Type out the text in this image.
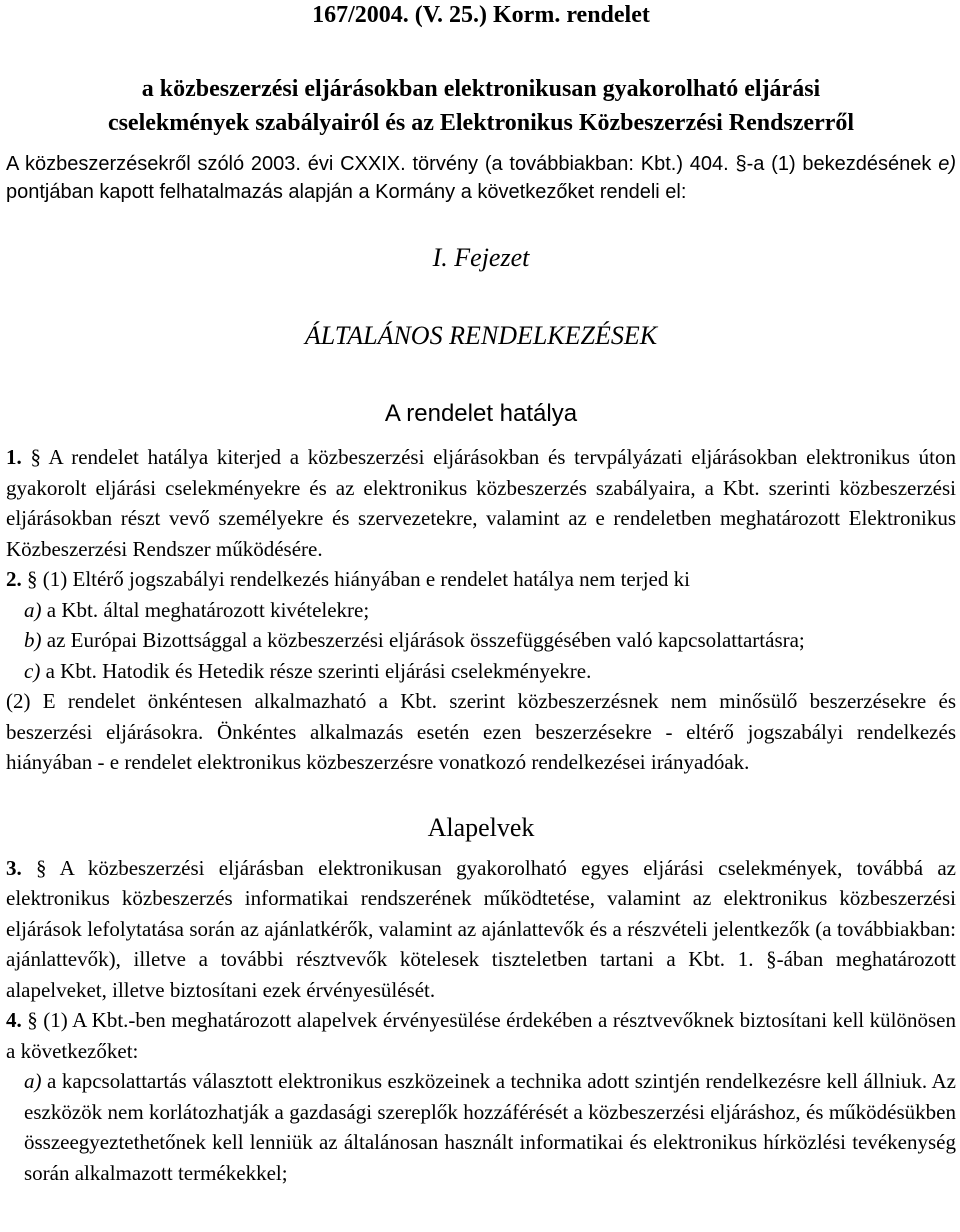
167/2004. (V. 25.) Korm. rendelet
a közbeszerzési eljárásokban elektronikusan gyakorolható eljárási
cselekmények szabályairól és az Elektronikus Közbeszerzési Rendszerről

A közbeszerzésekről szóló 2003. évi CXXIX. törvény (a továbbiakban: Kbt.) 404. §-a (1) bekezdésének e) pontjában kapott felhatalmazás alapján a Kormány a következőket rendeli el:

I. Fejezet
ÁLTALÁNOS RENDELKEZÉSEK
A rendelet hatálya

1. § A rendelet hatálya kiterjed a közbeszerzési eljárásokban és tervpályázati eljárásokban elektronikus úton gyakorolt eljárási cselekményekre és az elektronikus közbeszerzés szabályaira, a Kbt. szerinti közbeszerzési eljárásokban részt vevő személyekre és szervezetekre, valamint az e rendeletben meghatározott Elektronikus Közbeszerzési Rendszer működésére.

2. § (1) Eltérő jogszabályi rendelkezés hiányában e rendelet hatálya nem terjed ki

a) a Kbt. által meghatározott kivételekre;

b) az Európai Bizottsággal a közbeszerzési eljárások összefüggésében való kapcsolattartásra;

c) a Kbt. Hatodik és Hetedik része szerinti eljárási cselekményekre.

(2) E rendelet önkéntesen alkalmazható a Kbt. szerint közbeszerzésnek nem minősülő beszerzésekre és beszerzési eljárásokra. Önkéntes alkalmazás esetén ezen beszerzésekre - eltérő jogszabályi rendelkezés hiányában - e rendelet elektronikus közbeszerzésre vonatkozó rendelkezései irányadóak.

Alapelvek

3. § A közbeszerzési eljárásban elektronikusan gyakorolható egyes eljárási cselekmények, továbbá az elektronikus közbeszerzés informatikai rendszerének működtetése, valamint az elektronikus közbeszerzési eljárások lefolytatása során az ajánlatkérők, valamint az ajánlattevők és a részvételi jelentkezők (a továbbiakban: ajánlattevők), illetve a további résztvevők kötelesek tiszteletben tartani a Kbt. 1. §-ában meghatározott alapelveket, illetve biztosítani ezek érvényesülését.

4. § (1) A Kbt.-ben meghatározott alapelvek érvényesülése érdekében a résztvevőknek biztosítani kell különösen a következőket:

a) a kapcsolattartás választott elektronikus eszközeinek a technika adott szintjén rendelkezésre kell állniuk. Az eszközök nem korlátozhatják a gazdasági szereplők hozzáférését a közbeszerzési eljáráshoz, és működésükben összeegyeztethetőnek kell lenniük az általánosan használt informatikai és elektronikus hírközlési tevékenység során alkalmazott termékekkel;
